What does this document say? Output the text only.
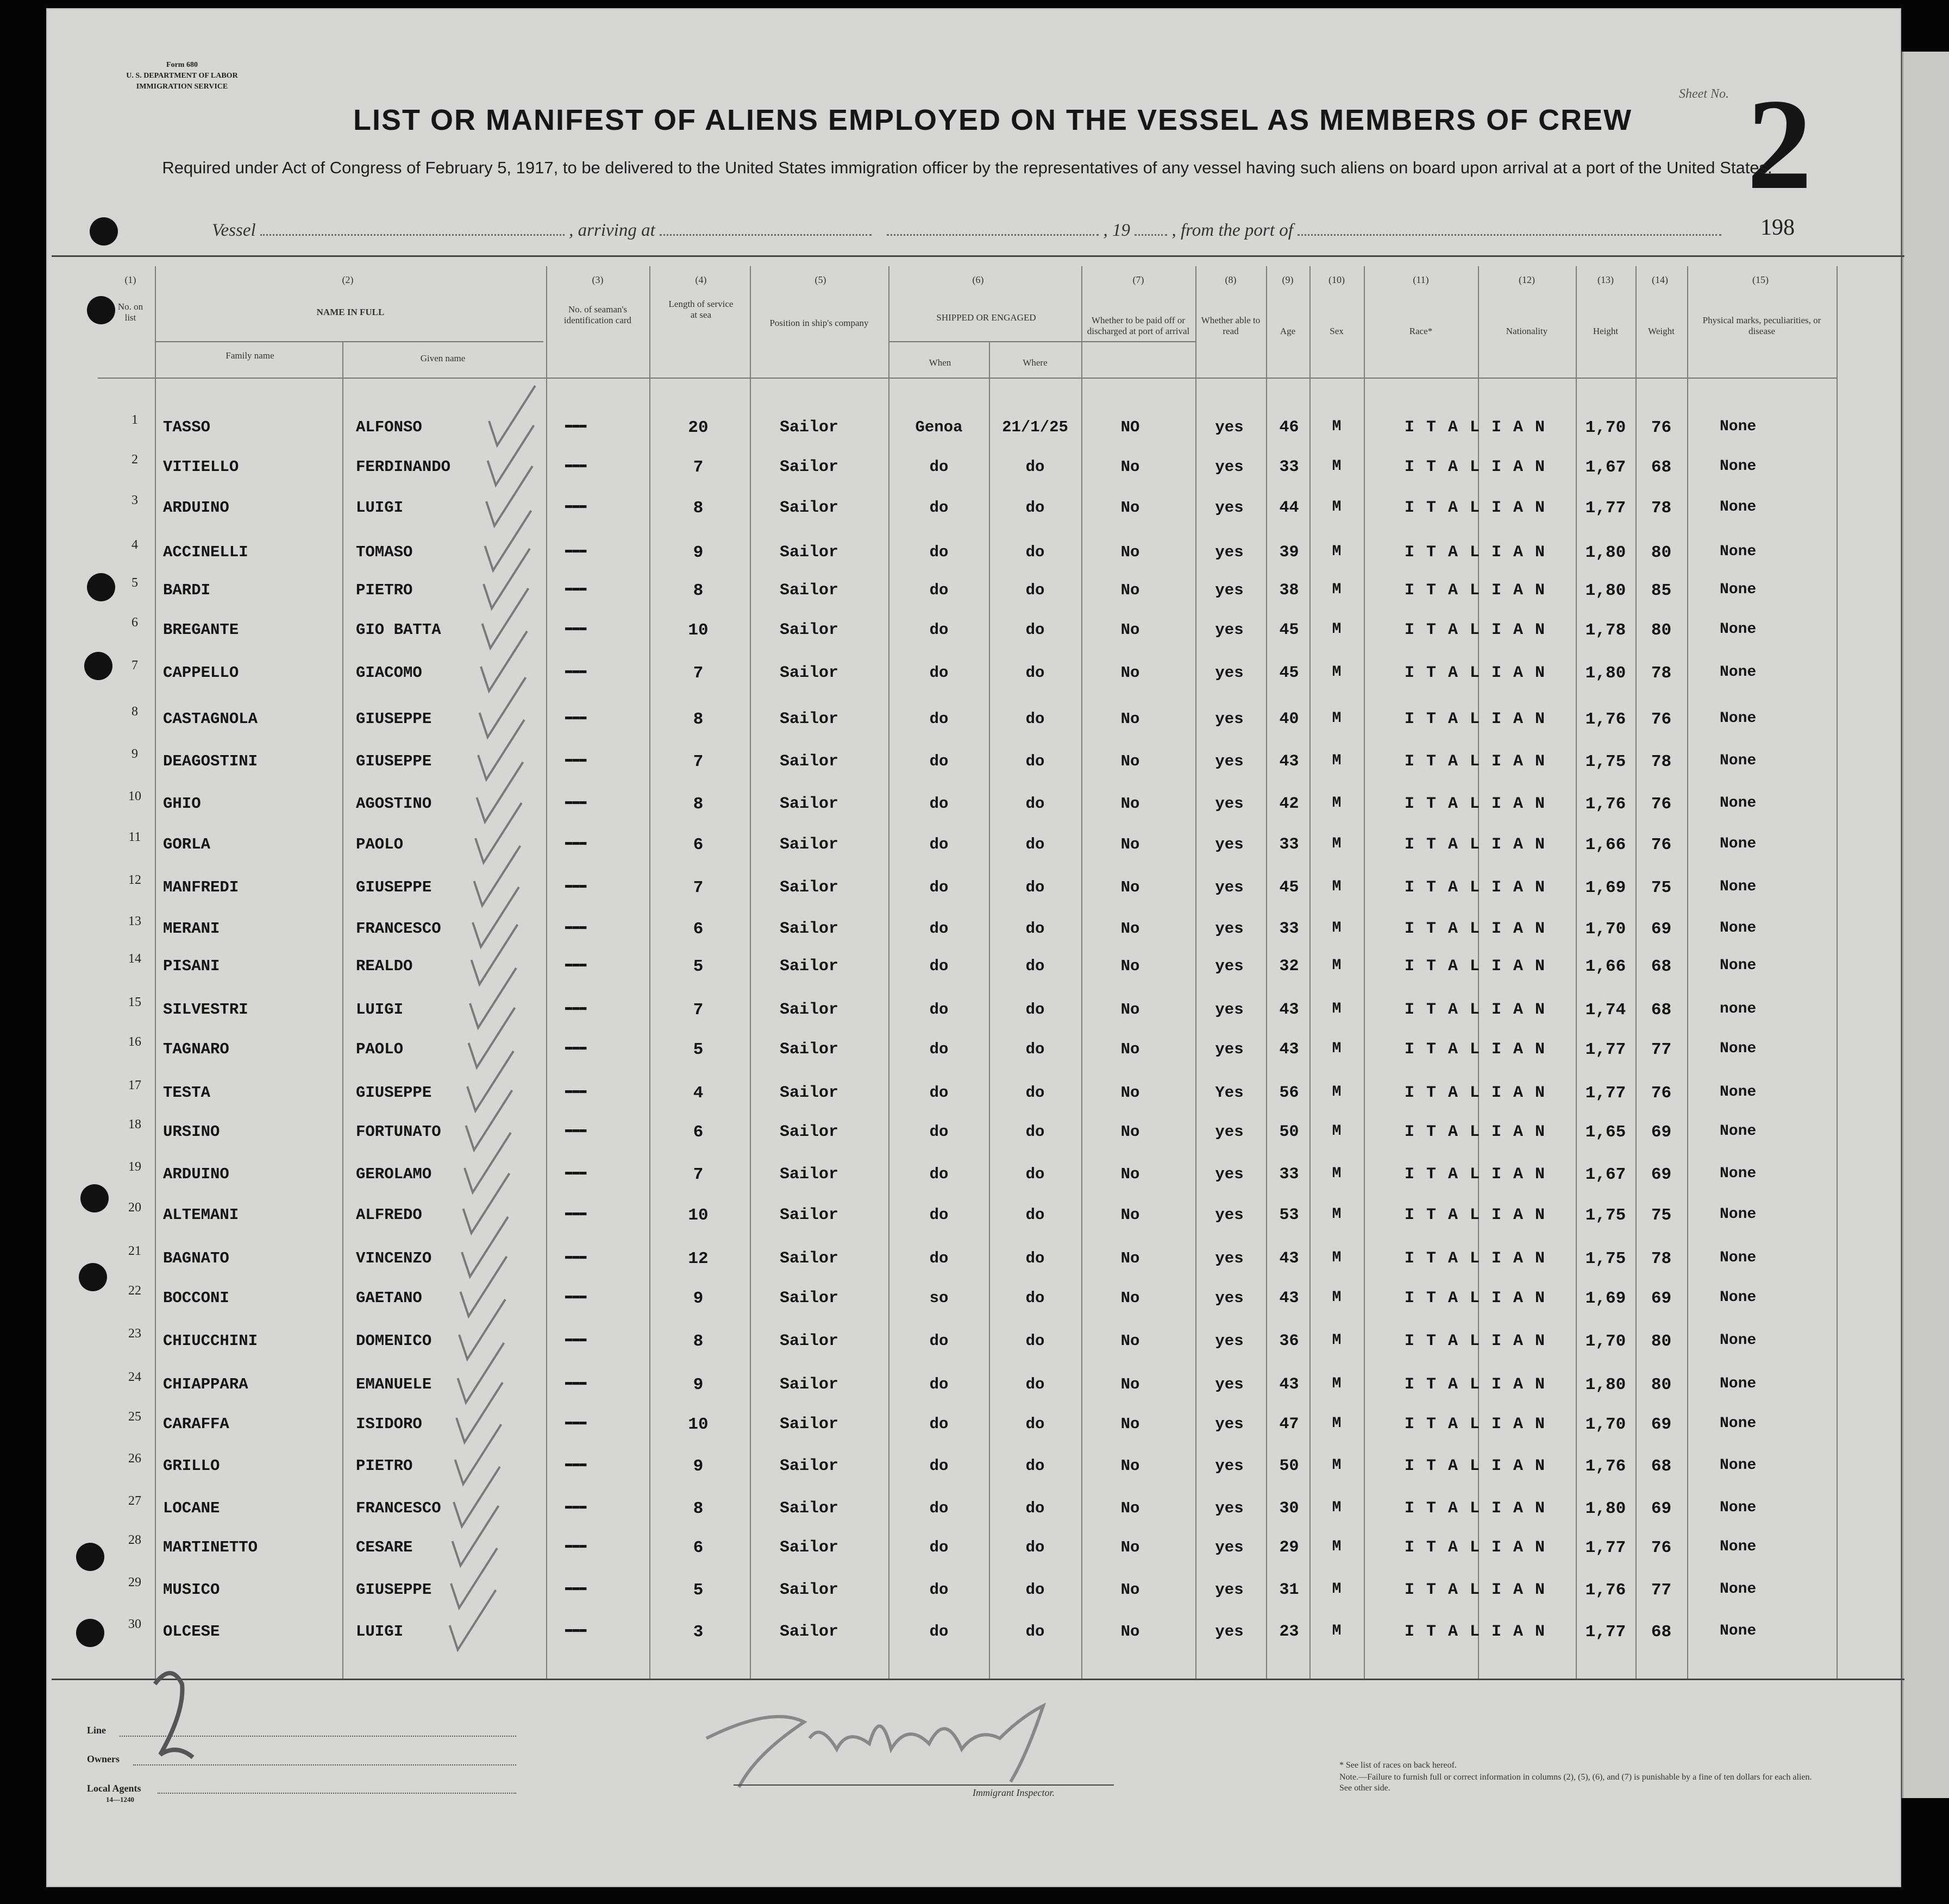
Form 680
U. S. DEPARTMENT OF LABOR
IMMIGRATION SERVICE
Sheet No. 2
LIST OR MANIFEST OF ALIENS EMPLOYED ON THE VESSEL AS MEMBERS OF CREW
Required under Act of Congress of February 5, 1917, to be delivered to the United States immigration officer by the representatives of any vessel having such aliens on board upon arrival at a port of the United States.
Vessel	, arriving at	, 19 , from the port of	198
(1)	(2)	(3)	(4)	(5)	(6)	(7)	(8)	(9)	(10)	(11)	(12)	(13)	(14)	(15)
No. on list
NAME IN FULL
Family name	Given name
No. of seaman's identification card
Length of service at sea
Position in ship's company
SHIPPED OR ENGAGED
When	Where
Whether to be paid off or discharged at port of arrival
Whether able to read	Age	Sex	Race*	Nationality	Height	Weight
Physical marks, peculiarities, or disease
1	TASSO	ALFONSO	▬▬▬	20	Sailor	Genoa	21/1/25	NO	yes	46	M	I T A L I A N	1,70	76	None
2	VITIELLO	FERDINANDO	▬▬▬	7	Sailor	do	do	No	yes	33	M	I T A L I A N	1,67	68	None
3	ARDUINO	LUIGI	▬▬▬	8	Sailor	do	do	No	yes	44	M	I T A L I A N	1,77	78	None
4	ACCINELLI	TOMASO	▬▬▬	9	Sailor	do	do	No	yes	39	M	I T A L I A N	1,80	80	None
5	BARDI	PIETRO	▬▬▬	8	Sailor	do	do	No	yes	38	M	I T A L I A N	1,80	85	None
6	BREGANTE	GIO BATTA	▬▬▬	10	Sailor	do	do	No	yes	45	M	I T A L I A N	1,78	80	None
7	CAPPELLO	GIACOMO	▬▬▬	7	Sailor	do	do	No	yes	45	M	I T A L I A N	1,80	78	None
8	CASTAGNOLA	GIUSEPPE	▬▬▬	8	Sailor	do	do	No	yes	40	M	I T A L I A N	1,76	76	None
9	DEAGOSTINI	GIUSEPPE	▬▬▬	7	Sailor	do	do	No	yes	43	M	I T A L I A N	1,75	78	None
10 GHIO	AGOSTINO	▬▬▬	8	Sailor	do	do	No	yes	42	M	I T A L I A N	1,76	76	None
11 GORLA	PAOLO	▬▬▬	6	Sailor	do	do	No	yes	33	M	I T A L I A N	1,66	76	None
12 MANFREDI	GIUSEPPE	▬▬▬	7	Sailor	do	do	No	yes	45	M	I T A L I A N	1,69	75	None
13 MERANI	FRANCESCO	▬▬▬	6	Sailor	do	do	No	yes	33	M	I T A L I A N	1,70	69	None
14 PISANI	REALDO	▬▬▬	5	Sailor	do	do	No	yes	32	M	I T A L I A N	1,66	68	None
15 SILVESTRI	LUIGI	▬▬▬	7	Sailor	do	do	No	yes	43	M	I T A L I A N	1,74	68	none
16 TAGNARO	PAOLO	▬▬▬	5	Sailor	do	do	No	yes	43	M	I T A L I A N	1,77	77	None
17 TESTA	GIUSEPPE	▬▬▬	4	Sailor	do	do	No	Yes	56	M	I T A L I A N	1,77	76	None
18 URSINO	FORTUNATO	▬▬▬	6	Sailor	do	do	No	yes	50	M	I T A L I A N	1,65	69	None
19 ARDUINO	GEROLAMO	▬▬▬	7	Sailor	do	do	No	yes	33	M	I T A L I A N	1,67	69	None
20 ALTEMANI	ALFREDO	▬▬▬	10	Sailor	do	do	No	yes	53	M	I T A L I A N	1,75	75	None
21 BAGNATO	VINCENZO	▬▬▬	12	Sailor	do	do	No	yes	43	M	I T A L I A N	1,75	78	None
22 BOCCONI	GAETANO	▬▬▬	9	Sailor	so	do	No	yes	43	M	I T A L I A N	1,69	69	None
23 CHIUCCHINI	DOMENICO	▬▬▬	8	Sailor	do	do	No	yes	36	M	I T A L I A N	1,70	80	None
24 CHIAPPARA	EMANUELE	▬▬▬	9	Sailor	do	do	No	yes	43	M	I T A L I A N	1,80	80	None
25 CARAFFA	ISIDORO	▬▬▬	10	Sailor	do	do	No	yes	47	M	I T A L I A N	1,70	69	None
26 GRILLO	PIETRO	▬▬▬	9	Sailor	do	do	No	yes	50	M	I T A L I A N	1,76	68	None
27 LOCANE	FRANCESCO	▬▬▬	8	Sailor	do	do	No	yes	30	M	I T A L I A N	1,80	69	None
28 MARTINETTO	CESARE	▬▬▬	6	Sailor	do	do	No	yes	29	M	I T A L I A N	1,77	76	None
29 MUSICO	GIUSEPPE	▬▬▬	5	Sailor	do	do	No	yes	31	M	I T A L I A N	1,76	77	None
30 OLCESE	LUIGI	▬▬▬	3	Sailor	do	do	No	yes	23	M	I T A L I A N	1,77	68	None
Line
Owners
Local Agents
14—1240
Immigrant Inspector.
* See list of races on back hereof.
Note.—Failure to furnish full or correct information in columns (2), (5), (6), and (7) is punishable by a fine of ten dollars for each alien. See other side.
